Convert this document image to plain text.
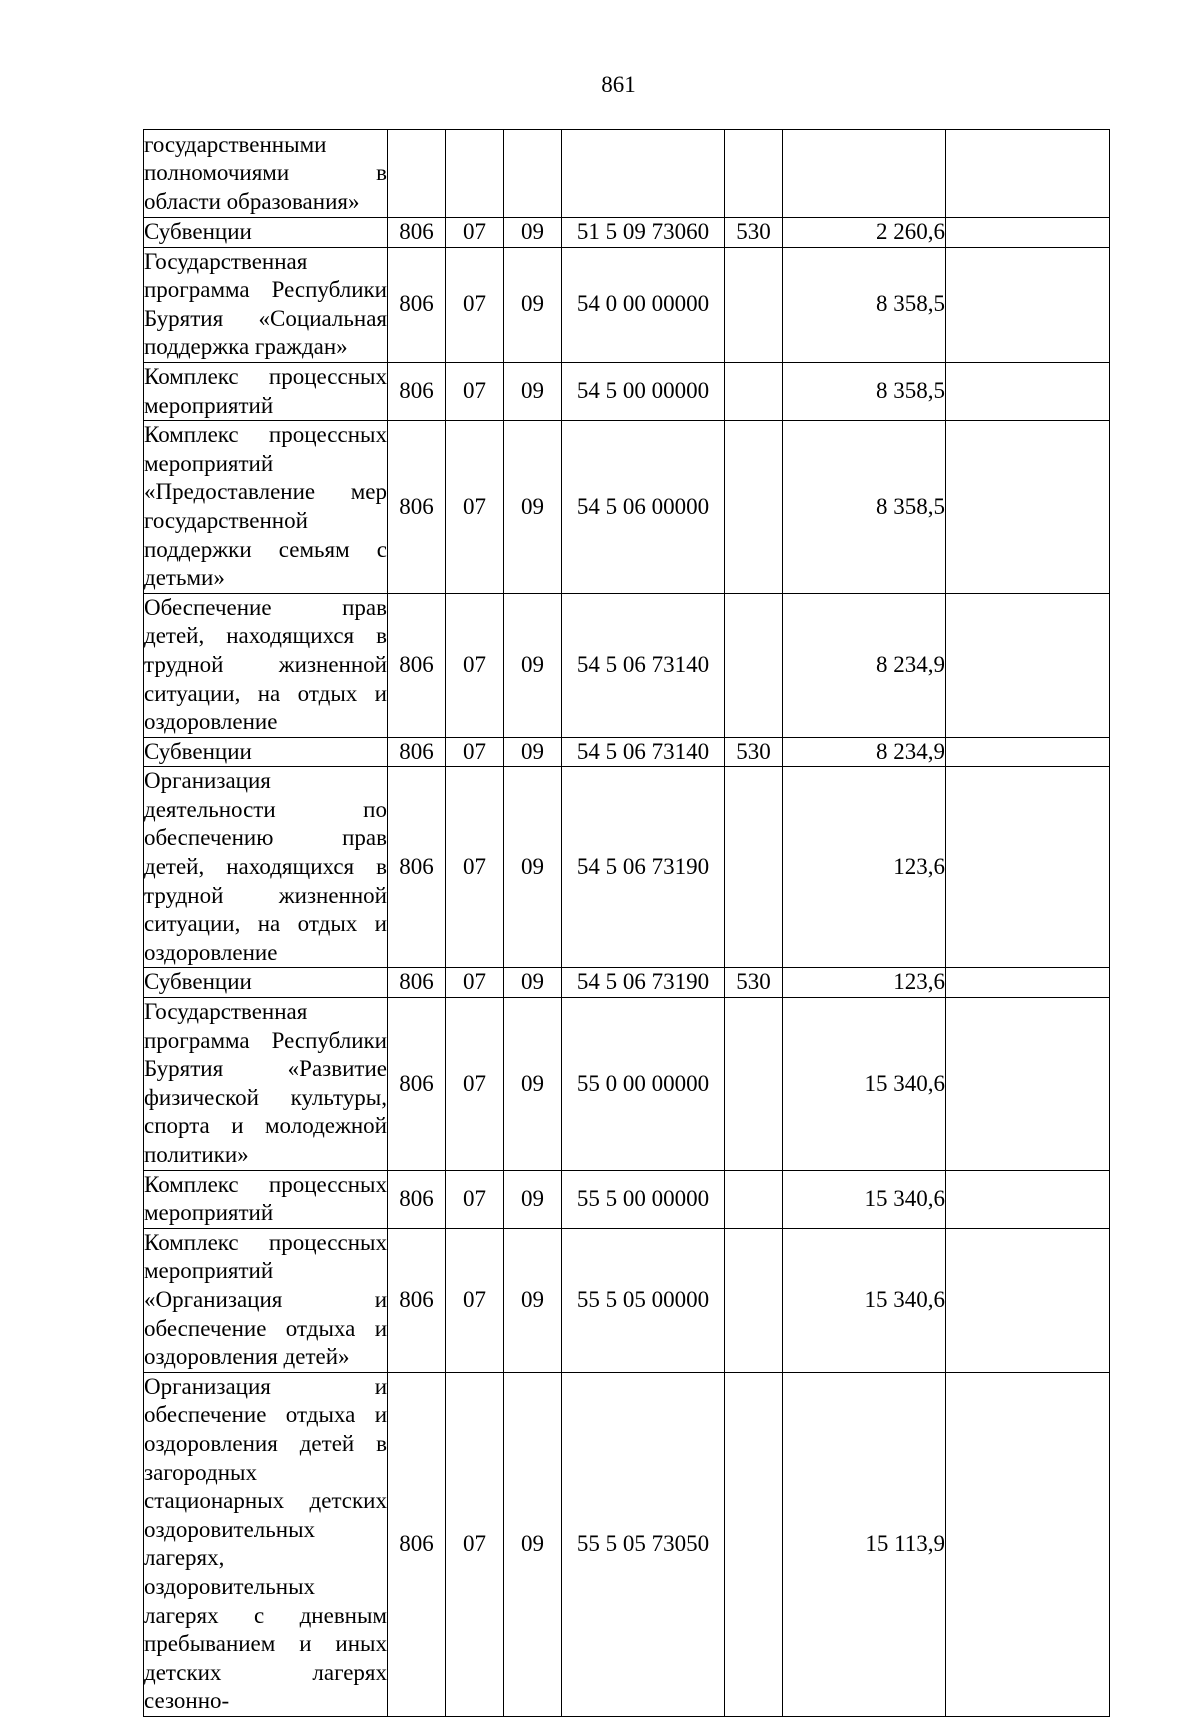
861
государственными полномочиями в области образования»							
Субвенции	806	07	09	51 5 09 73060	530	2 260,6	
Государственная программа Республики Бурятия «Социальная поддержка граждан»	806	07	09	54 0 00 00000		8 358,5	
Комплекс процессных мероприятий	806	07	09	54 5 00 00000		8 358,5	
Комплекс процессных мероприятий «Предоставление мер государственной поддержки семьям с детьми»	806	07	09	54 5 06 00000		8 358,5	
Обеспечение прав детей, находящихся в трудной жизненной ситуации, на отдых и оздоровление	806	07	09	54 5 06 73140		8 234,9	
Субвенции	806	07	09	54 5 06 73140	530	8 234,9	
Организация деятельности по обеспечению прав детей, находящихся в трудной жизненной ситуации, на отдых и оздоровление	806	07	09	54 5 06 73190		123,6	
Субвенции	806	07	09	54 5 06 73190	530	123,6	
Государственная программа Республики Бурятия «Развитие физической культуры, спорта и молодежной политики»	806	07	09	55 0 00 00000		15 340,6	
Комплекс процессных мероприятий	806	07	09	55 5 00 00000		15 340,6	
Комплекс процессных мероприятий «Организация и обеспечение отдыха и оздоровления детей»	806	07	09	55 5 05 00000		15 340,6	
Организация и обеспечение отдыха и оздоровления детей в загородных стационарных детских оздоровительных лагерях, оздоровительных лагерях с дневным пребыванием и иных детских лагерях сезонно-	806	07	09	55 5 05 73050		15 113,9	
